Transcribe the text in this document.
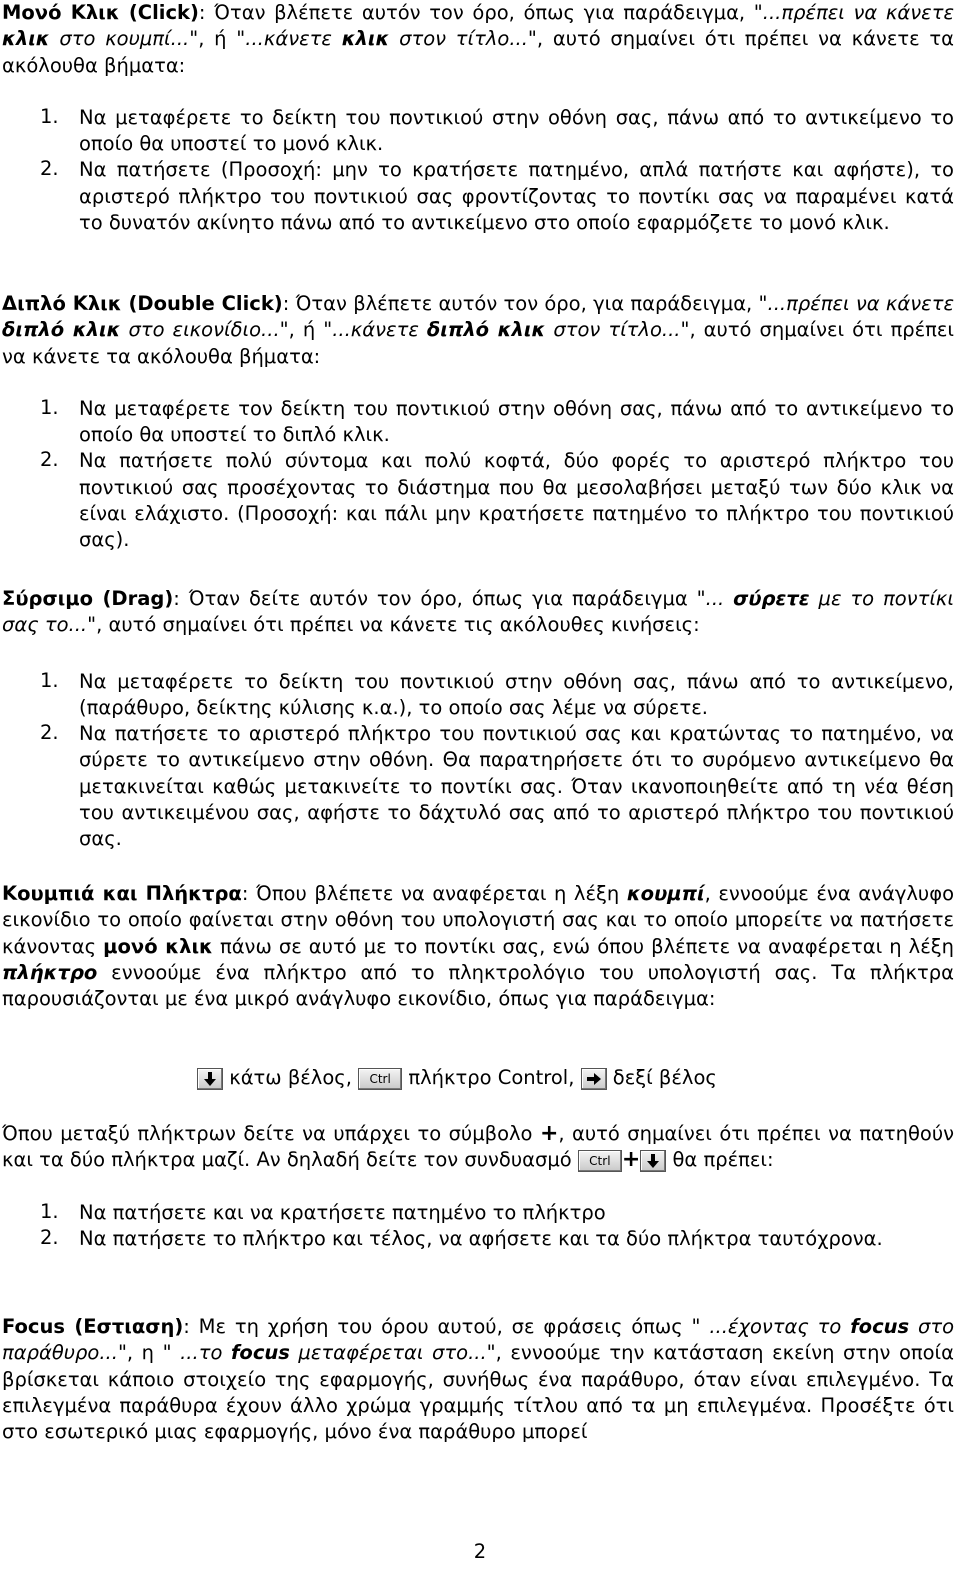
Μονό Κλικ (Click): Όταν βλέπετε αυτόν τον όρο, όπως για παράδειγμα, "...πρέπει να κάνετε κλικ στο κουμπί...", ή "...κάνετε κλικ στον τίτλο...", αυτό σημαίνει ότι πρέπει να κάνετε τα ακόλουθα βήματα:

1. Να μεταφέρετε το δείκτη του ποντικιού στην οθόνη σας, πάνω από το αντικείμενο το οποίο θα υποστεί το μονό κλικ.

2. Να πατήσετε (Προσοχή: μην το κρατήσετε πατημένο, απλά πατήστε και αφήστε), το αριστερό πλήκτρο του ποντικιού σας φροντίζοντας το ποντίκι σας να παραμένει κατά το δυνατόν ακίνητο πάνω από το αντικείμενο στο οποίο εφαρμόζετε το μονό κλικ.

Διπλό Κλικ (Double Click): Όταν βλέπετε αυτόν τον όρο, για παράδειγμα, "...πρέπει να κάνετε διπλό κλικ στο εικονίδιο...", ή "...κάνετε διπλό κλικ στον τίτλο...", αυτό σημαίνει ότι πρέπει να κάνετε τα ακόλουθα βήματα:

1. Να μεταφέρετε τον δείκτη του ποντικιού στην οθόνη σας, πάνω από το αντικείμενο το οποίο θα υποστεί το διπλό κλικ.

2. Να πατήσετε πολύ σύντομα και πολύ κοφτά, δύο φορές το αριστερό πλήκτρο του ποντικιού σας προσέχοντας το διάστημα που θα μεσολαβήσει μεταξύ των δύο κλικ να είναι ελάχιστο. (Προσοχή: και πάλι μην κρατήσετε πατημένο το πλήκτρο του ποντικιού σας).

Σύρσιμο (Drag): Όταν δείτε αυτόν τον όρο, όπως για παράδειγμα "... σύρετε με το ποντίκι σας το...", αυτό σημαίνει ότι πρέπει να κάνετε τις ακόλουθες κινήσεις:

1. Να μεταφέρετε το δείκτη του ποντικιού στην οθόνη σας, πάνω από το αντικείμενο, (παράθυρο, δείκτης κύλισης κ.α.), το οποίο σας λέμε να σύρετε.

2. Να πατήσετε το αριστερό πλήκτρο του ποντικιού σας και κρατώντας το πατημένο, να σύρετε το αντικείμενο στην οθόνη. Θα παρατηρήσετε ότι το συρόμενο αντικείμενο θα μετακινείται καθώς μετακινείτε το ποντίκι σας. Όταν ικανοποιηθείτε από τη νέα θέση του αντικειμένου σας, αφήστε το δάχτυλό σας από το αριστερό πλήκτρο του ποντικιού σας.

Κουμπιά και Πλήκτρα: Όπου βλέπετε να αναφέρεται η λέξη κουμπί, εννοούμε ένα ανάγλυφο εικονίδιο το οποίο φαίνεται στην οθόνη του υπολογιστή σας και το οποίο μπορείτε να πατήσετε κάνοντας μονό κλικ πάνω σε αυτό με το ποντίκι σας, ενώ όπου βλέπετε να αναφέρεται η λέξη πλήκτρο εννοούμε ένα πλήκτρο από το πληκτρολόγιο του υπολογιστή σας. Τα πλήκτρα παρουσιάζονται με ένα μικρό ανάγλυφο εικονίδιο, όπως για παράδειγμα:

κάτω βέλος, Ctrl πλήκτρο Control,  δεξί βέλος

Όπου μεταξύ πλήκτρων δείτε να υπάρχει το σύμβολο +, αυτό σημαίνει ότι πρέπει να πατηθούν και τα δύο πλήκτρα μαζί. Αν δηλαδή δείτε τον συνδυασμό Ctrl + θα πρέπει:

1. Να πατήσετε και να κρατήσετε πατημένο το πλήκτρο

2. Να πατήσετε το πλήκτρο και τέλος, να αφήσετε και τα δύο πλήκτρα ταυτόχρονα.

Focus (Εστιαση): Με τη χρήση του όρου αυτού, σε φράσεις όπως " ...έχοντας το focus στο παράθυρο...", η " ...το focus μεταφέρεται στο...", εννοούμε την κατάσταση εκείνη στην οποία βρίσκεται κάποιο στοιχείο της εφαρμογής, συνήθως ένα παράθυρο, όταν είναι επιλεγμένο. Τα επιλεγμένα παράθυρα έχουν άλλο χρώμα γραμμής τίτλου από τα μη επιλεγμένα. Προσέξτε ότι στο εσωτερικό μιας εφαρμογής, μόνο ένα παράθυρο μπορεί

2
